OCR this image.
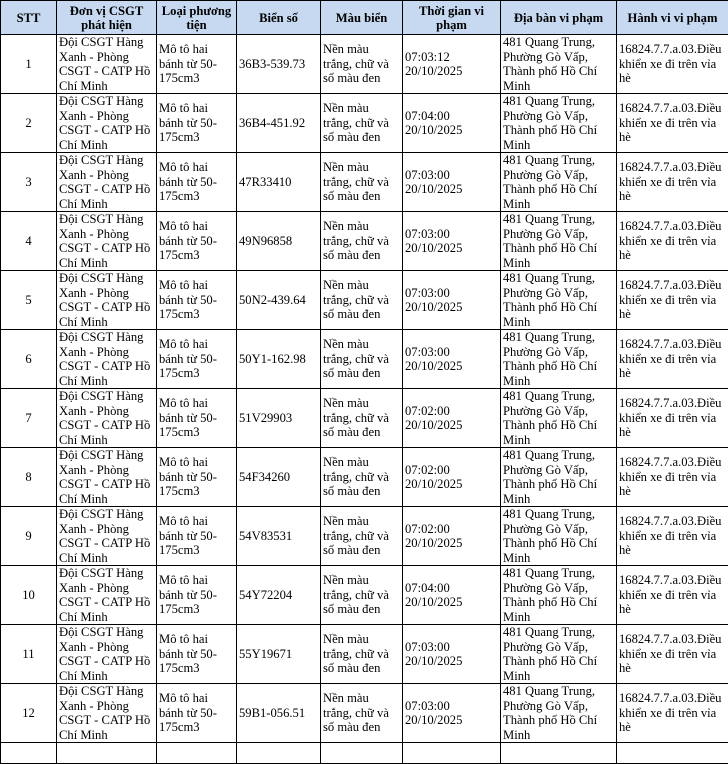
STT	Đơn vị CSGT phát hiện	Loại phương tiện	Biển số	Màu biển	Thời gian vi phạm	Địa bàn vi phạm	Hành vi vi phạm
1	Đội CSGT Hàng Xanh - Phòng CSGT - CATP Hồ Chí Minh	Mô tô hai bánh từ 50-175cm3	36B3-539.73	Nền màu trắng, chữ và số màu đen	07:03:12 20/10/2025	481 Quang Trung, Phường Gò Vấp, Thành phố Hồ Chí Minh	16824.7.7.a.03.Điều khiển xe đi trên vỉa hè
2	Đội CSGT Hàng Xanh - Phòng CSGT - CATP Hồ Chí Minh	Mô tô hai bánh từ 50-175cm3	36B4-451.92	Nền màu trắng, chữ và số màu đen	07:04:00 20/10/2025	481 Quang Trung, Phường Gò Vấp, Thành phố Hồ Chí Minh	16824.7.7.a.03.Điều khiển xe đi trên vỉa hè
3	Đội CSGT Hàng Xanh - Phòng CSGT - CATP Hồ Chí Minh	Mô tô hai bánh từ 50-175cm3	47R33410	Nền màu trắng, chữ và số màu đen	07:03:00 20/10/2025	481 Quang Trung, Phường Gò Vấp, Thành phố Hồ Chí Minh	16824.7.7.a.03.Điều khiển xe đi trên vỉa hè
4	Đội CSGT Hàng Xanh - Phòng CSGT - CATP Hồ Chí Minh	Mô tô hai bánh từ 50-175cm3	49N96858	Nền màu trắng, chữ và số màu đen	07:03:00 20/10/2025	481 Quang Trung, Phường Gò Vấp, Thành phố Hồ Chí Minh	16824.7.7.a.03.Điều khiển xe đi trên vỉa hè
5	Đội CSGT Hàng Xanh - Phòng CSGT - CATP Hồ Chí Minh	Mô tô hai bánh từ 50-175cm3	50N2-439.64	Nền màu trắng, chữ và số màu đen	07:03:00 20/10/2025	481 Quang Trung, Phường Gò Vấp, Thành phố Hồ Chí Minh	16824.7.7.a.03.Điều khiển xe đi trên vỉa hè
6	Đội CSGT Hàng Xanh - Phòng CSGT - CATP Hồ Chí Minh	Mô tô hai bánh từ 50-175cm3	50Y1-162.98	Nền màu trắng, chữ và số màu đen	07:03:00 20/10/2025	481 Quang Trung, Phường Gò Vấp, Thành phố Hồ Chí Minh	16824.7.7.a.03.Điều khiển xe đi trên vỉa hè
7	Đội CSGT Hàng Xanh - Phòng CSGT - CATP Hồ Chí Minh	Mô tô hai bánh từ 50-175cm3	51V29903	Nền màu trắng, chữ và số màu đen	07:02:00 20/10/2025	481 Quang Trung, Phường Gò Vấp, Thành phố Hồ Chí Minh	16824.7.7.a.03.Điều khiển xe đi trên vỉa hè
8	Đội CSGT Hàng Xanh - Phòng CSGT - CATP Hồ Chí Minh	Mô tô hai bánh từ 50-175cm3	54F34260	Nền màu trắng, chữ và số màu đen	07:02:00 20/10/2025	481 Quang Trung, Phường Gò Vấp, Thành phố Hồ Chí Minh	16824.7.7.a.03.Điều khiển xe đi trên vỉa hè
9	Đội CSGT Hàng Xanh - Phòng CSGT - CATP Hồ Chí Minh	Mô tô hai bánh từ 50-175cm3	54V83531	Nền màu trắng, chữ và số màu đen	07:02:00 20/10/2025	481 Quang Trung, Phường Gò Vấp, Thành phố Hồ Chí Minh	16824.7.7.a.03.Điều khiển xe đi trên vỉa hè
10	Đội CSGT Hàng Xanh - Phòng CSGT - CATP Hồ Chí Minh	Mô tô hai bánh từ 50-175cm3	54Y72204	Nền màu trắng, chữ và số màu đen	07:04:00 20/10/2025	481 Quang Trung, Phường Gò Vấp, Thành phố Hồ Chí Minh	16824.7.7.a.03.Điều khiển xe đi trên vỉa hè
11	Đội CSGT Hàng Xanh - Phòng CSGT - CATP Hồ Chí Minh	Mô tô hai bánh từ 50-175cm3	55Y19671	Nền màu trắng, chữ và số màu đen	07:03:00 20/10/2025	481 Quang Trung, Phường Gò Vấp, Thành phố Hồ Chí Minh	16824.7.7.a.03.Điều khiển xe đi trên vỉa hè
12	Đội CSGT Hàng Xanh - Phòng CSGT - CATP Hồ Chí Minh	Mô tô hai bánh từ 50-175cm3	59B1-056.51	Nền màu trắng, chữ và số màu đen	07:03:00 20/10/2025	481 Quang Trung, Phường Gò Vấp, Thành phố Hồ Chí Minh	16824.7.7.a.03.Điều khiển xe đi trên vỉa hè
